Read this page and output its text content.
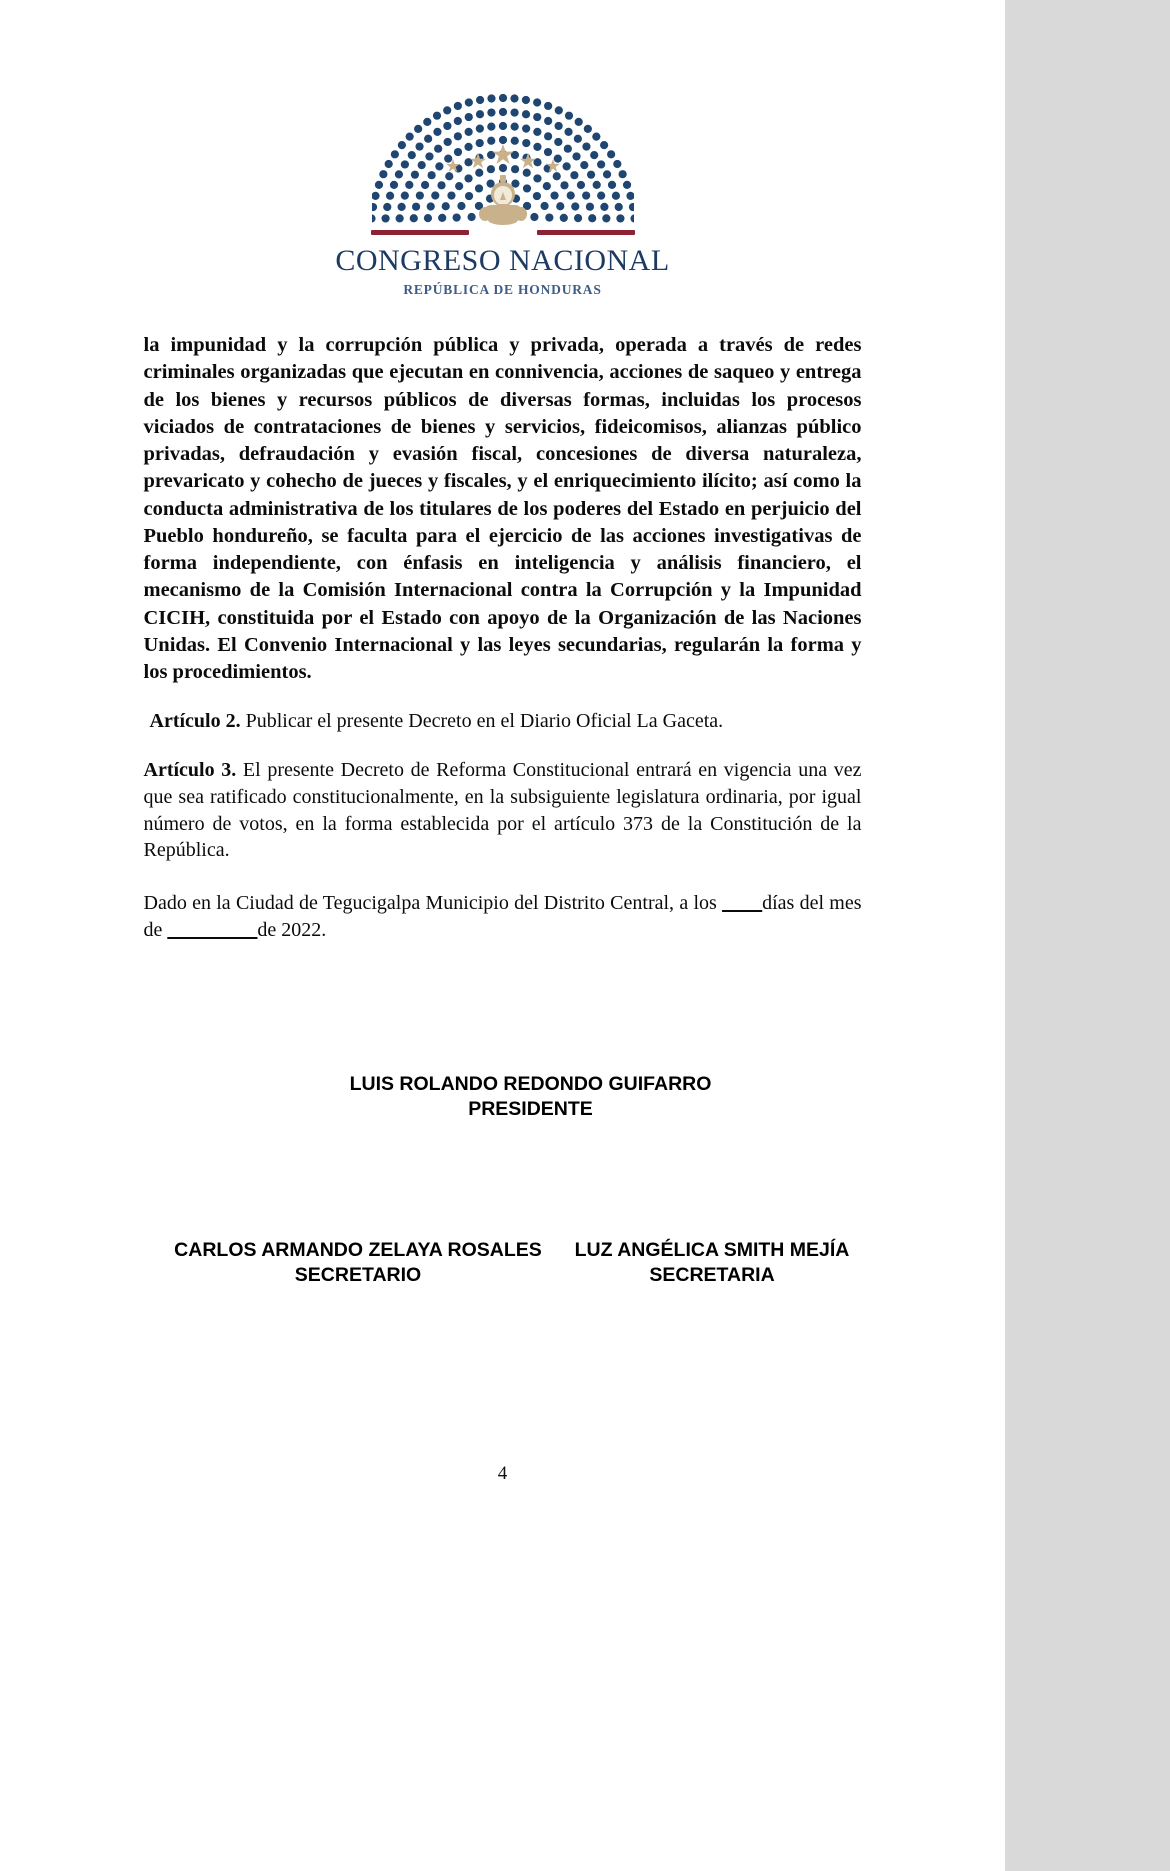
CONGRESO NACIONAL
REPÚBLICA DE HONDURAS

la impunidad y la corrupción pública y privada, operada a través de redes criminales organizadas que ejecutan en connivencia, acciones de saqueo y entrega de los bienes y recursos públicos de diversas formas, incluidas los procesos viciados de contrataciones de bienes y servicios, fideicomisos, alianzas público privadas, defraudación y evasión fiscal, concesiones de diversa naturaleza, prevaricato y cohecho de jueces y fiscales, y el enriquecimiento ilícito; así como la conducta administrativa de los titulares de los poderes del Estado en perjuicio del Pueblo hondureño, se faculta para el ejercicio de las acciones investigativas de forma independiente, con énfasis en inteligencia y análisis financiero, el mecanismo de la Comisión Internacional contra la Corrupción y la Impunidad CICIH, constituida por el Estado con apoyo de la Organización de las Naciones Unidas. El Convenio Internacional y las leyes secundarias, regularán la forma y los procedimientos.

Artículo 2. Publicar el presente Decreto en el Diario Oficial La Gaceta.

Artículo 3. El presente Decreto de Reforma Constitucional entrará en vigencia una vez que sea ratificado constitucionalmente, en la subsiguiente legislatura ordinaria, por igual número de votos, en la forma establecida por el artículo 373 de la Constitución de la República.

Dado en la Ciudad de Tegucigalpa Municipio del Distrito Central, a los ____días del mes de _________de 2022.

LUIS ROLANDO REDONDO GUIFARRO
PRESIDENTE
CARLOS ARMANDO ZELAYA ROSALES
SECRETARIO
LUZ ANGÉLICA SMITH MEJÍA
SECRETARIA
4
